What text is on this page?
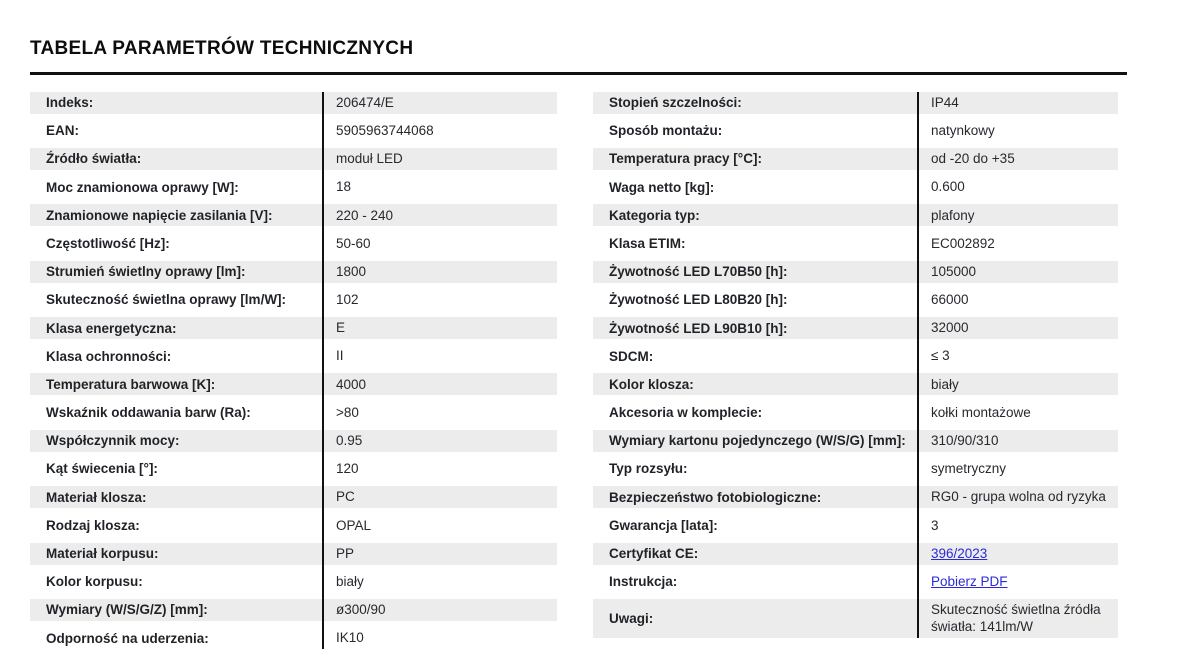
TABELA PARAMETRÓW TECHNICZNYCH
Indeks:	206474/E
EAN:	5905963744068
Źródło światła:	moduł LED
Moc znamionowa oprawy [W]:	18
Znamionowe napięcie zasilania [V]:	220 - 240
Częstotliwość [Hz]:	50-60
Strumień świetlny oprawy [lm]:	1800
Skuteczność świetlna oprawy [lm/W]:	102
Klasa energetyczna:	E
Klasa ochronności:	II
Temperatura barwowa [K]:	4000
Wskaźnik oddawania barw (Ra):	>80
Współczynnik mocy:	0.95
Kąt świecenia [°]:	120
Materiał klosza:	PC
Rodzaj klosza:	OPAL
Materiał korpusu:	PP
Kolor korpusu:	biały
Wymiary (W/S/G/Z) [mm]:	ø300/90
Odporność na uderzenia:	IK10
Stopień szczelności:	IP44
Sposób montażu:	natynkowy
Temperatura pracy [°C]:	od -20 do +35
Waga netto [kg]:	0.600
Kategoria typ:	plafony
Klasa ETIM:	EC002892
Żywotność LED L70B50 [h]:	105000
Żywotność LED L80B20 [h]:	66000
Żywotność LED L90B10 [h]:	32000
SDCM:	≤ 3
Kolor klosza:	biały
Akcesoria w komplecie:	kołki montażowe
Wymiary kartonu pojedynczego (W/S/G) [mm]:	310/90/310
Typ rozsyłu:	symetryczny
Bezpieczeństwo fotobiologiczne:	RG0 - grupa wolna od ryzyka
Gwarancja [lata]:	3
Certyfikat CE:	396/2023
Instrukcja:	Pobierz PDF
Uwagi:
Skuteczność świetlna źródła światła: 141lm/W
